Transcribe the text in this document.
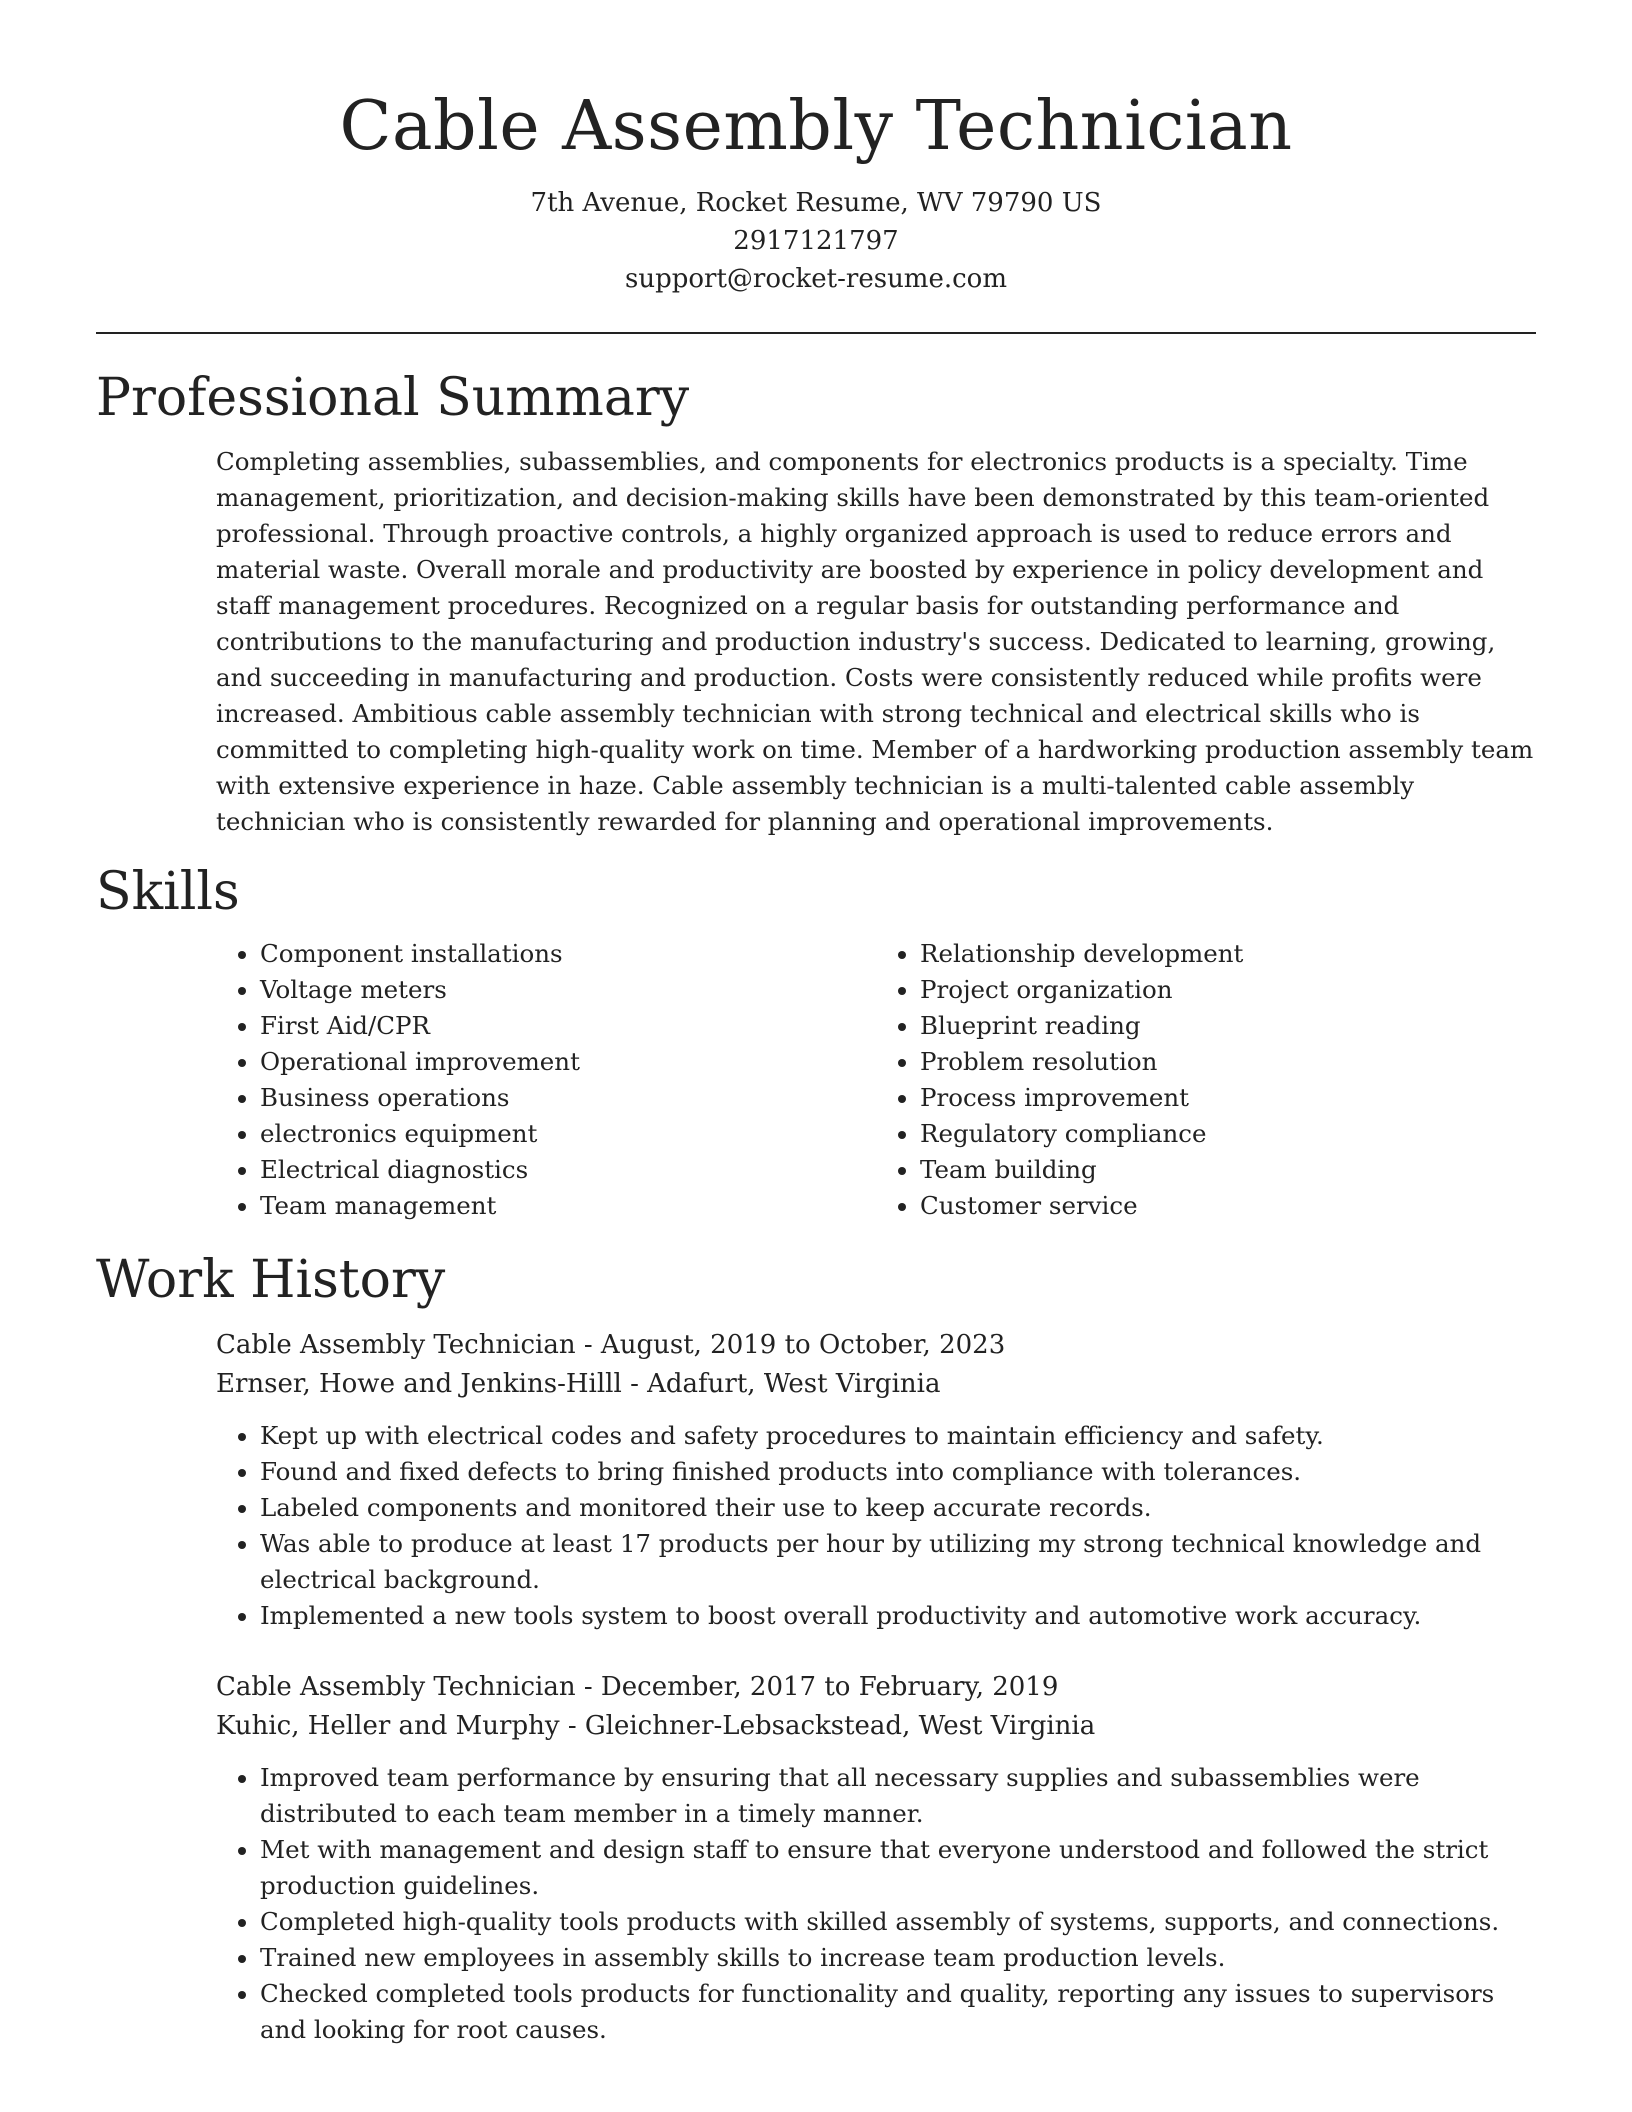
Cable Assembly Technician
7th Avenue, Rocket Resume, WV 79790 US
2917121797
support@rocket-resume.com
Professional Summary
Completing assemblies, subassemblies, and components for electronics products is a specialty. Time management, prioritization, and decision-making skills have been demonstrated by this team-oriented professional. Through proactive controls, a highly organized approach is used to reduce errors and material waste. Overall morale and productivity are boosted by experience in policy development and staff management procedures. Recognized on a regular basis for outstanding performance and contributions to the manufacturing and production industry's success. Dedicated to learning, growing, and succeeding in manufacturing and production. Costs were consistently reduced while profits were increased. Ambitious cable assembly technician with strong technical and electrical skills who is committed to completing high-quality work on time. Member of a hardworking production assembly team with extensive experience in haze. Cable assembly technician is a multi-talented cable assembly technician who is consistently rewarded for planning and operational improvements.
Skills
• Component installations
• Voltage meters
• First Aid/CPR
• Operational improvement
• Business operations
• electronics equipment
• Electrical diagnostics
• Team management
• Relationship development
• Project organization
• Blueprint reading
• Problem resolution
• Process improvement
• Regulatory compliance
• Team building
• Customer service
Work History
Cable Assembly Technician - August, 2019 to October, 2023
Ernser, Howe and Jenkins-Hilll - Adafurt, West Virginia
• Kept up with electrical codes and safety procedures to maintain efficiency and safety.
• Found and fixed defects to bring finished products into compliance with tolerances.
• Labeled components and monitored their use to keep accurate records.
• Was able to produce at least 17 products per hour by utilizing my strong technical knowledge and electrical background.
• Implemented a new tools system to boost overall productivity and automotive work accuracy.
Cable Assembly Technician - December, 2017 to February, 2019
Kuhic, Heller and Murphy - Gleichner-Lebsackstead, West Virginia
• Improved team performance by ensuring that all necessary supplies and subassemblies were distributed to each team member in a timely manner.
• Met with management and design staff to ensure that everyone understood and followed the strict production guidelines.
• Completed high-quality tools products with skilled assembly of systems, supports, and connections.
• Trained new employees in assembly skills to increase team production levels.
• Checked completed tools products for functionality and quality, reporting any issues to supervisors and looking for root causes.
